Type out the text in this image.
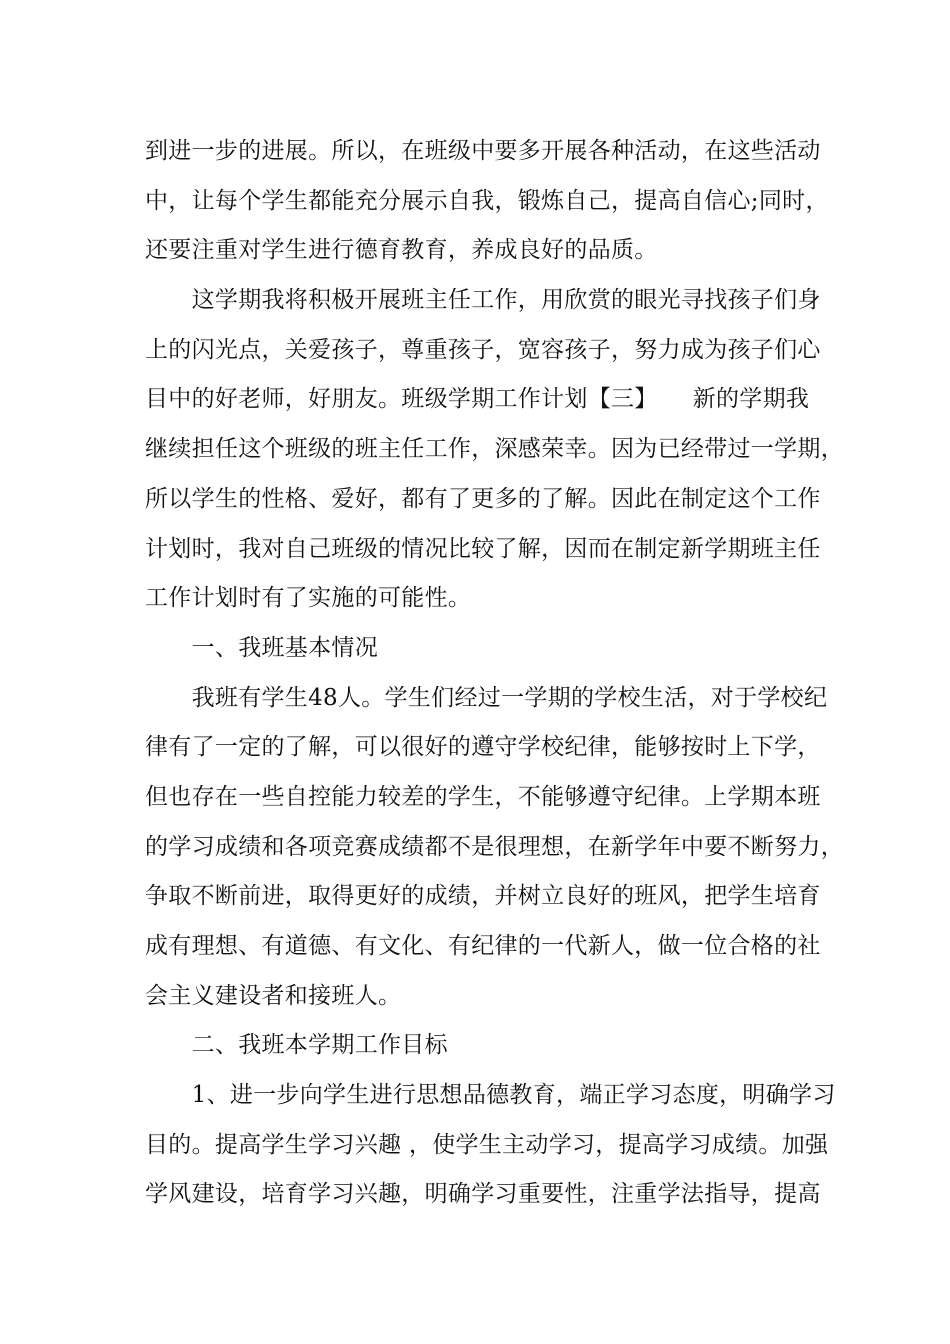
到进一步的进展。所以，在班级中要多开展各种活动，在这些活动
中，让每个学生都能充分展示自我，锻炼自己，提高自信心;同时，
还要注重对学生进行德育教育，养成良好的品质。
　　这学期我将积极开展班主任工作，用欣赏的眼光寻找孩子们身
上的闪光点，关爱孩子，尊重孩子，宽容孩子，努力成为孩子们心
目中的好老师，好朋友。班级学期工作计划【三】　　新的学期我
继续担任这个班级的班主任工作，深感荣幸。因为已经带过一学期，
所以学生的性格、爱好，都有了更多的了解。因此在制定这个工作
计划时，我对自己班级的情况比较了解，因而在制定新学期班主任
工作计划时有了实施的可能性。
　　一、我班基本情况
　　我班有学生48人。学生们经过一学期的学校生活，对于学校纪
律有了一定的了解，可以很好的遵守学校纪律，能够按时上下学，
但也存在一些自控能力较差的学生，不能够遵守纪律。上学期本班
的学习成绩和各项竞赛成绩都不是很理想，在新学年中要不断努力，
争取不断前进，取得更好的成绩，并树立良好的班风，把学生培育
成有理想、有道德、有文化、有纪律的一代新人，做一位合格的社
会主义建设者和接班人。
　　二、我班本学期工作目标
　　1、进一步向学生进行思想品德教育，端正学习态度，明确学习
目的。提高学生学习兴趣 ，使学生主动学习，提高学习成绩。加强
学风建设，培育学习兴趣，明确学习重要性，注重学法指导，提高
